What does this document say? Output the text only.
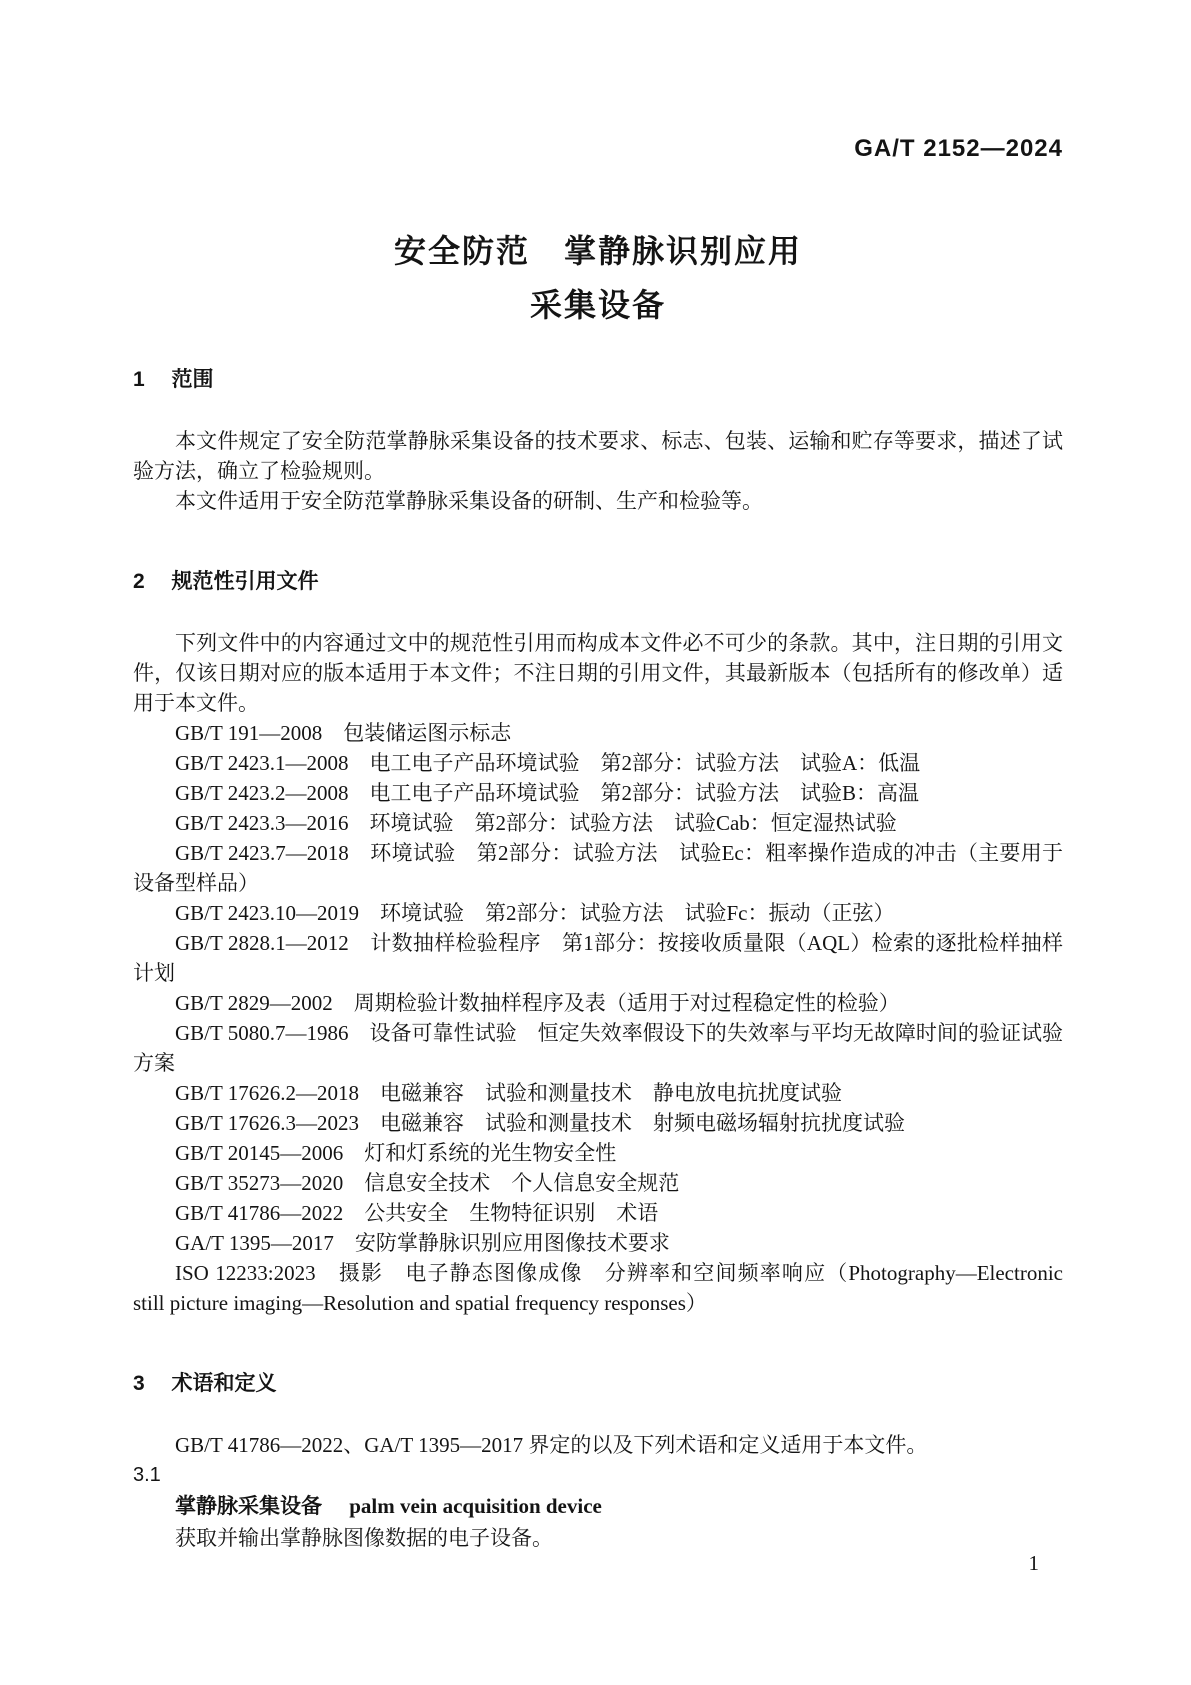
GA/T 2152—2024
安全防范　掌静脉识别应用
采集设备
1 范围

本文件规定了安全防范掌静脉采集设备的技术要求、标志、包装、运输和贮存等要求，描述了试验方法，确立了检验规则。

本文件适用于安全防范掌静脉采集设备的研制、生产和检验等。

2 规范性引用文件

下列文件中的内容通过文中的规范性引用而构成本文件必不可少的条款。其中，注日期的引用文件，仅该日期对应的版本适用于本文件；不注日期的引用文件，其最新版本（包括所有的修改单）适用于本文件。

GB/T 191—2008　包装储运图示标志

GB/T 2423.1—2008　电工电子产品环境试验　第2部分：试验方法　试验A：低温

GB/T 2423.2—2008　电工电子产品环境试验　第2部分：试验方法　试验B：高温

GB/T 2423.3—2016　环境试验　第2部分：试验方法　试验Cab：恒定湿热试验

GB/T 2423.7—2018　环境试验　第2部分：试验方法　试验Ec：粗率操作造成的冲击（主要用于设备型样品）

GB/T 2423.10—2019　环境试验　第2部分：试验方法　试验Fc：振动（正弦）

GB/T 2828.1—2012　计数抽样检验程序　第1部分：按接收质量限（AQL）检索的逐批检样抽样计划

GB/T 2829—2002　周期检验计数抽样程序及表（适用于对过程稳定性的检验）

GB/T 5080.7—1986　设备可靠性试验　恒定失效率假设下的失效率与平均无故障时间的验证试验方案

GB/T 17626.2—2018　电磁兼容　试验和测量技术　静电放电抗扰度试验

GB/T 17626.3—2023　电磁兼容　试验和测量技术　射频电磁场辐射抗扰度试验

GB/T 20145—2006　灯和灯系统的光生物安全性

GB/T 35273—2020　信息安全技术　个人信息安全规范

GB/T 41786—2022　公共安全　生物特征识别　术语

GA/T 1395—2017　安防掌静脉识别应用图像技术要求

ISO 12233:2023　摄影　电子静态图像成像　分辨率和空间频率响应（Photography—Electronic still picture imaging—Resolution and spatial frequency responses）

3 术语和定义

GB/T 41786—2022、GA/T 1395—2017 界定的以及下列术语和定义适用于本文件。

3.1

掌静脉采集设备 palm vein acquisition device

获取并输出掌静脉图像数据的电子设备。

1
